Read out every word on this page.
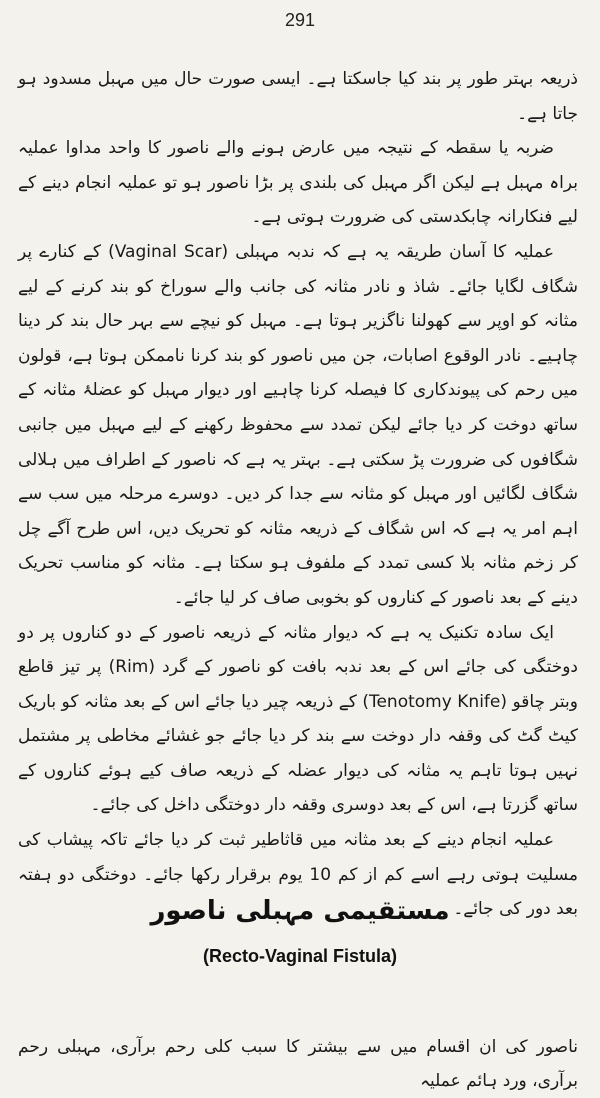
291

ذریعہ بہتر طور پر بند کیا جاسکتا ہے۔ ایسی صورت حال میں مہبل مسدود ہو جاتا ہے۔

ضربہ یا سقطہ کے نتیجہ میں عارض ہونے والے ناصور کا واحد مداوا عملیہ براہ مہبل ہے لیکن اگر مہبل کی بلندی پر بڑا ناصور ہو تو عملیہ انجام دینے کے لیے فنکارانہ چابکدستی کی ضرورت ہوتی ہے۔

عملیہ کا آسان طریقہ یہ ہے کہ ندبہ مہبلی (Vaginal Scar) کے کنارے پر شگاف لگایا جائے۔ شاذ و نادر مثانہ کی جانب والے سوراخ کو بند کرنے کے لیے مثانہ کو اوپر سے کھولنا ناگزیر ہوتا ہے۔ مہبل کو نیچے سے بہر حال بند کر دینا چاہیے۔ نادر الوقوع اصابات، جن میں ناصور کو بند کرنا ناممکن ہوتا ہے، قولون میں رحم کی پیوندکاری کا فیصلہ کرنا چاہیے اور دیوار مہبل کو عضلۂ مثانہ کے ساتھ دوخت کر دیا جائے لیکن تمدد سے محفوظ رکھنے کے لیے مہبل میں جانبی شگافوں کی ضرورت پڑ سکتی ہے۔ بہتر یہ ہے کہ ناصور کے اطراف میں ہلالی شگاف لگائیں اور مہبل کو مثانہ سے جدا کر دیں۔ دوسرے مرحلہ میں سب سے اہم امر یہ ہے کہ اس شگاف کے ذریعہ مثانہ کو تحریک دیں، اس طرح آگے چل کر زخم مثانہ بلا کسی تمدد کے ملفوف ہو سکتا ہے۔ مثانہ کو مناسب تحریک دینے کے بعد ناصور کے کناروں کو بخوبی صاف کر لیا جائے۔

ایک سادہ تکنیک یہ ہے کہ دیوار مثانہ کے ذریعہ ناصور کے دو کناروں پر دو دوختگی کی جائے اس کے بعد ندبہ بافت کو ناصور کے گرد (Rim) پر تیز قاطع وبتر چاقو (Tenotomy Knife) کے ذریعہ چیر دیا جائے اس کے بعد مثانہ کو باریک کیٹ گٹ کی وقفہ دار دوخت سے بند کر دیا جائے جو غشائے مخاطی پر مشتمل نہیں ہوتا تاہم یہ مثانہ کی دیوار عضلہ کے ذریعہ صاف کیے ہوئے کناروں کے ساتھ گزرتا ہے، اس کے بعد دوسری وقفہ دار دوختگی داخل کی جائے۔

عملیہ انجام دینے کے بعد مثانہ میں قاثاطیر ثبت کر دیا جائے تاکہ پیشاب کی مسلیت ہوتی رہے اسے کم از کم 10 یوم برقرار رکھا جائے۔ دوختگی دو ہفتہ بعد دور کی جائے۔

مستقیمی مہبلی ناصور
(Recto-Vaginal Fistula)
ناصور کی ان اقسام میں سے بیشتر کا سبب کلی رحم برآری، مہبلی رحم برآری، ورد ہائم عملیہ
